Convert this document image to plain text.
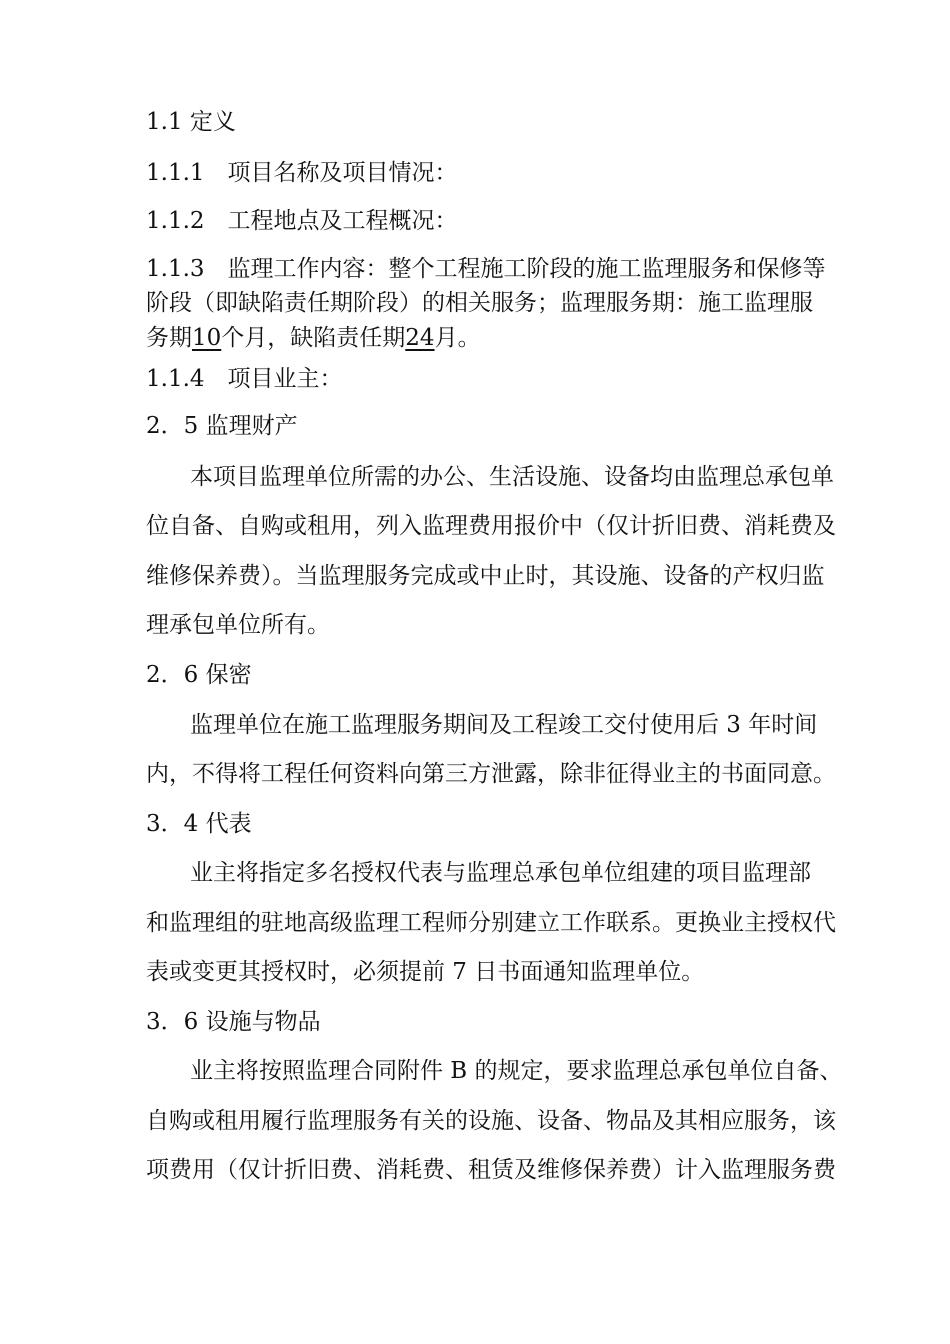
1.1 定义
1.1.1　项目名称及项目情况：
1.1.2　工程地点及工程概况：
1.1.3　监理工作内容：整个工程施工阶段的施工监理服务和保修等
阶段（即缺陷责任期阶段）的相关服务；监理服务期：施工监理服
务期10个月，缺陷责任期24月。
1.1.4　项目业主：
2．5 监理财产
本项目监理单位所需的办公、生活设施、设备均由监理总承包单
位自备、自购或租用，列入监理费用报价中（仅计折旧费、消耗费及
维修保养费）。当监理服务完成或中止时，其设施、设备的产权归监
理承包单位所有。
2．6 保密
监理单位在施工监理服务期间及工程竣工交付使用后 3 年时间
内，不得将工程任何资料向第三方泄露，除非征得业主的书面同意。
3．4 代表
业主将指定多名授权代表与监理总承包单位组建的项目监理部
和监理组的驻地高级监理工程师分别建立工作联系。更换业主授权代
表或变更其授权时，必须提前 7 日书面通知监理单位。
3．6 设施与物品
业主将按照监理合同附件 B 的规定，要求监理总承包单位自备、
自购或租用履行监理服务有关的设施、设备、物品及其相应服务，该
项费用（仅计折旧费、消耗费、租赁及维修保养费）计入监理服务费
